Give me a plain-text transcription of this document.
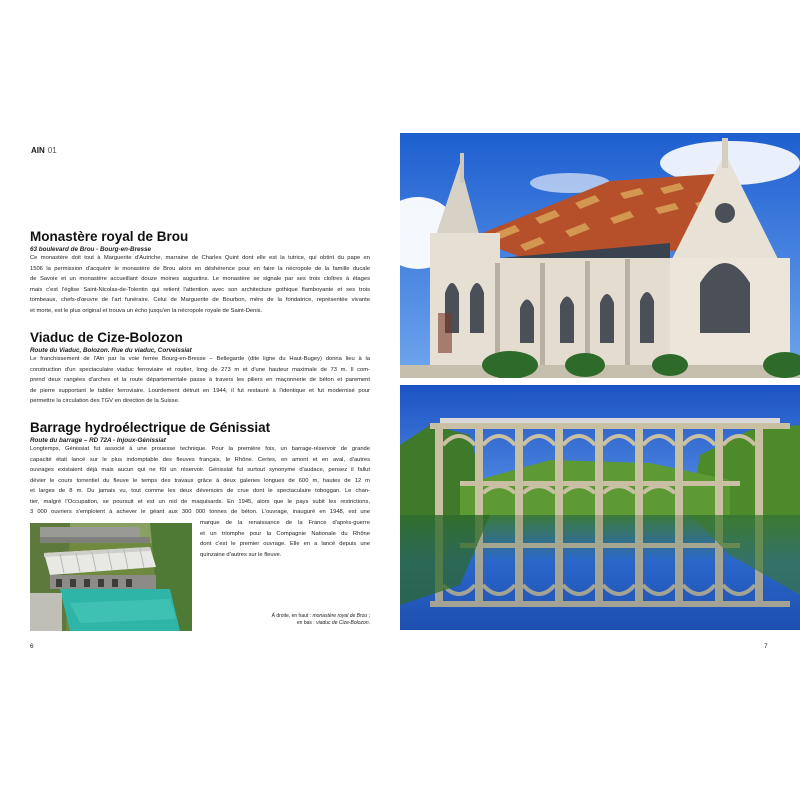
AIN 01
Monastère royal de Brou
63 boulevard de Brou - Bourg-en-Bresse
Ce monastère doit tout à Marguerite d'Autriche, marraine de Charles Quint dont elle est la tutrice, qui obtint du pape en
1506 la permission d'acquérir le monastère de Brou alors en déshérence pour en faire la nécropole de la famille ducale
de Savoie et un monastère accueillant douze moines augustins. Le monastère se signale par ses trois cloîtres à étages
mais c'est l'église Saint-Nicolas-de-Tolentin qui retient l'attention avec son architecture gothique flamboyante et ses trois
tombeaux, chefs-d'œuvre de l'art funéraire. Celui de Marguerite de Bourbon, mère de la fondatrice, représentée vivante
et morte, est le plus original et trouva un écho jusqu'en la nécropole royale de Saint-Denis.
Viaduc de Cize-Bolozon
Route du Viaduc, Bolozon. Rue du viaduc, Corveissiat
Le franchissement de l'Ain par la voie ferrée Bourg-en-Bresse – Bellegarde (dite ligne du Haut-Bugey) donna lieu à la
construction d'un spectaculaire viaduc ferroviaire et routier, long de 273 m et d'une hauteur maximale de 73 m. Il com-
prend deux rangées d'arches et la route départementale passe à travers les piliers en maçonnerie de béton et parement
de pierre supportant le tablier ferroviaire. Lourdement détruit en 1944, il fut restauré à l'identique et fut modernisé pour
permettre la circulation des TGV en direction de la Suisse.
Barrage hydroélectrique de Génissiat
Route du barrage – RD 72A - Injoux-Génissiat
Longtemps, Génissiat fut associé à une prouesse technique. Pour la première fois, un barrage-réservoir de grande
capacité était lancé sur le plus indomptable des fleuves français, le Rhône. Certes, en amont et en aval, d'autres
ouvrages existaient déjà mais aucun qui ne fût un réservoir. Génissiat fut surtout synonyme d'audace, pensez il fallut
dévier le cours torrentiel du fleuve le temps des travaux grâce à deux galeries longues de 600 m, hautes de 12 m
et larges de 8 m. Du jamais vu, tout comme les deux déversoirs de crue dont le spectaculaire toboggan. Le chan-
tier, malgré l'Occupation, se poursuit et est un nid de maquisards. En 1945, alors que le pays subit les restrictions,
3 000 ouvriers s'emploient à achever le géant aux 300 000 tonnes de béton. L'ouvrage, inauguré en 1948, est une
marque de la renaissance de la France d'après-guerre
et un triomphe pour la Compagnie Nationale du Rhône
dont c'est le premier ouvrage. Elle en a lancé depuis une
quinzaine d'autres sur le fleuve.
À droite, en haut : monastère royal de Brou ;
en bas : viaduc de Cize-Bolozon.
6	7
